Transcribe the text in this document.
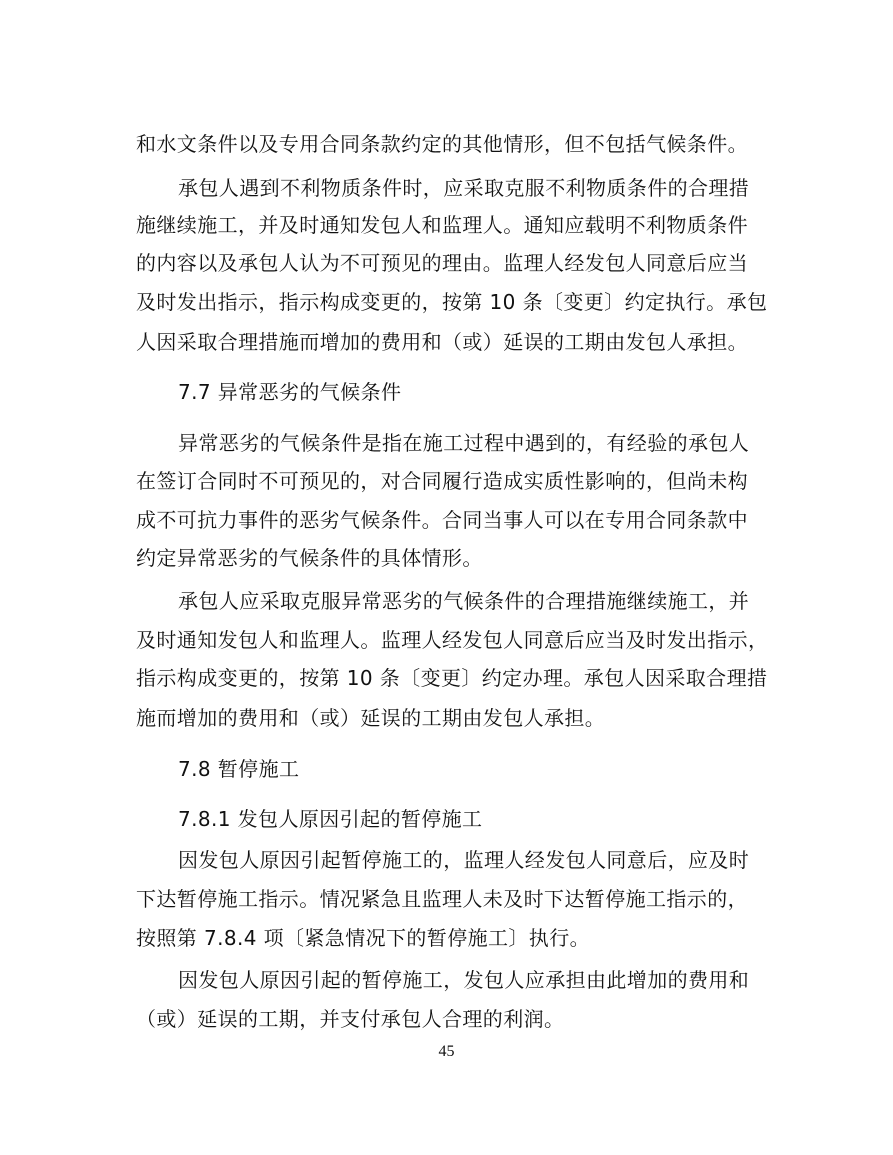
和水文条件以及专用合同条款约定的其他情形，但不包括气候条件。
承包人遇到不利物质条件时，应采取克服不利物质条件的合理措
施继续施工，并及时通知发包人和监理人。通知应载明不利物质条件
的内容以及承包人认为不可预见的理由。监理人经发包人同意后应当
及时发出指示，指示构成变更的，按第 10 条〔变更〕约定执行。承包
人因采取合理措施而增加的费用和（或）延误的工期由发包人承担。
7.7 异常恶劣的气候条件
异常恶劣的气候条件是指在施工过程中遇到的，有经验的承包人
在签订合同时不可预见的，对合同履行造成实质性影响的，但尚未构
成不可抗力事件的恶劣气候条件。合同当事人可以在专用合同条款中
约定异常恶劣的气候条件的具体情形。
承包人应采取克服异常恶劣的气候条件的合理措施继续施工，并
及时通知发包人和监理人。监理人经发包人同意后应当及时发出指示，
指示构成变更的，按第 10 条〔变更〕约定办理。承包人因采取合理措
施而增加的费用和（或）延误的工期由发包人承担。
7.8 暂停施工
7.8.1 发包人原因引起的暂停施工
因发包人原因引起暂停施工的，监理人经发包人同意后，应及时
下达暂停施工指示。情况紧急且监理人未及时下达暂停施工指示的，
按照第 7.8.4 项〔紧急情况下的暂停施工〕执行。
因发包人原因引起的暂停施工，发包人应承担由此增加的费用和
（或）延误的工期，并支付承包人合理的利润。
45
